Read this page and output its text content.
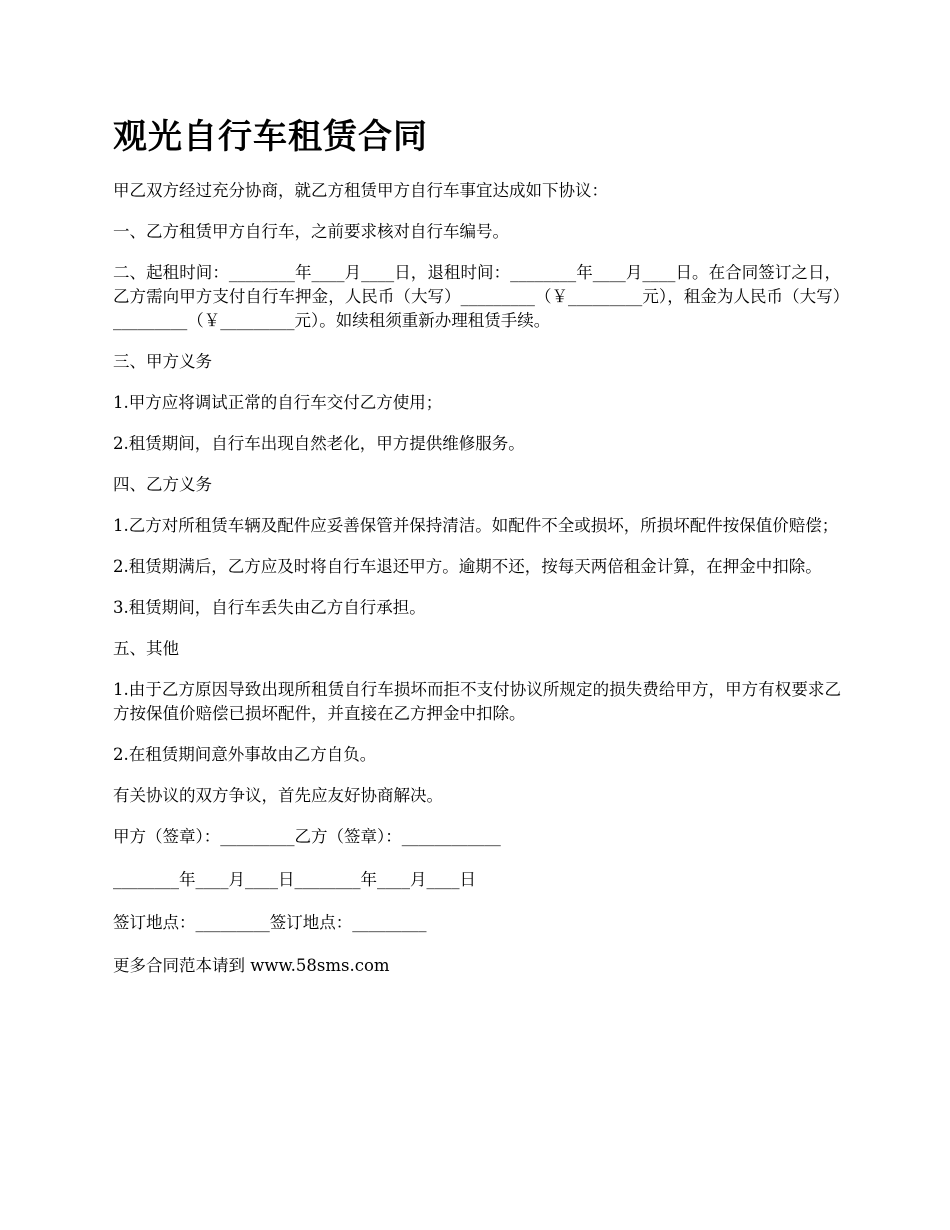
观光自行车租赁合同

甲乙双方经过充分协商，就乙方租赁甲方自行车事宜达成如下协议：

一、乙方租赁甲方自行车，之前要求核对自行车编号。

二、起租时间：________年____月____日，退租时间：________年____月____日。在合同签订之日，乙方需向甲方支付自行车押金，人民币（大写）_________（￥_________元），租金为人民币（大写）_________（￥_________元）。如续租须重新办理租赁手续。

三、甲方义务

1.甲方应将调试正常的自行车交付乙方使用；

2.租赁期间，自行车出现自然老化，甲方提供维修服务。

四、乙方义务

1.乙方对所租赁车辆及配件应妥善保管并保持清洁。如配件不全或损坏，所损坏配件按保值价赔偿；

2.租赁期满后，乙方应及时将自行车退还甲方。逾期不还，按每天两倍租金计算，在押金中扣除。

3.租赁期间，自行车丢失由乙方自行承担。

五、其他

1.由于乙方原因导致出现所租赁自行车损坏而拒不支付协议所规定的损失费给甲方，甲方有权要求乙方按保值价赔偿已损坏配件，并直接在乙方押金中扣除。

2.在租赁期间意外事故由乙方自负。

有关协议的双方争议，首先应友好协商解决。

甲方（签章）：_________乙方（签章）：____________

________年____月____日________年____月____日

签订地点：_________签订地点：_________

更多合同范本请到 www.58sms.com
